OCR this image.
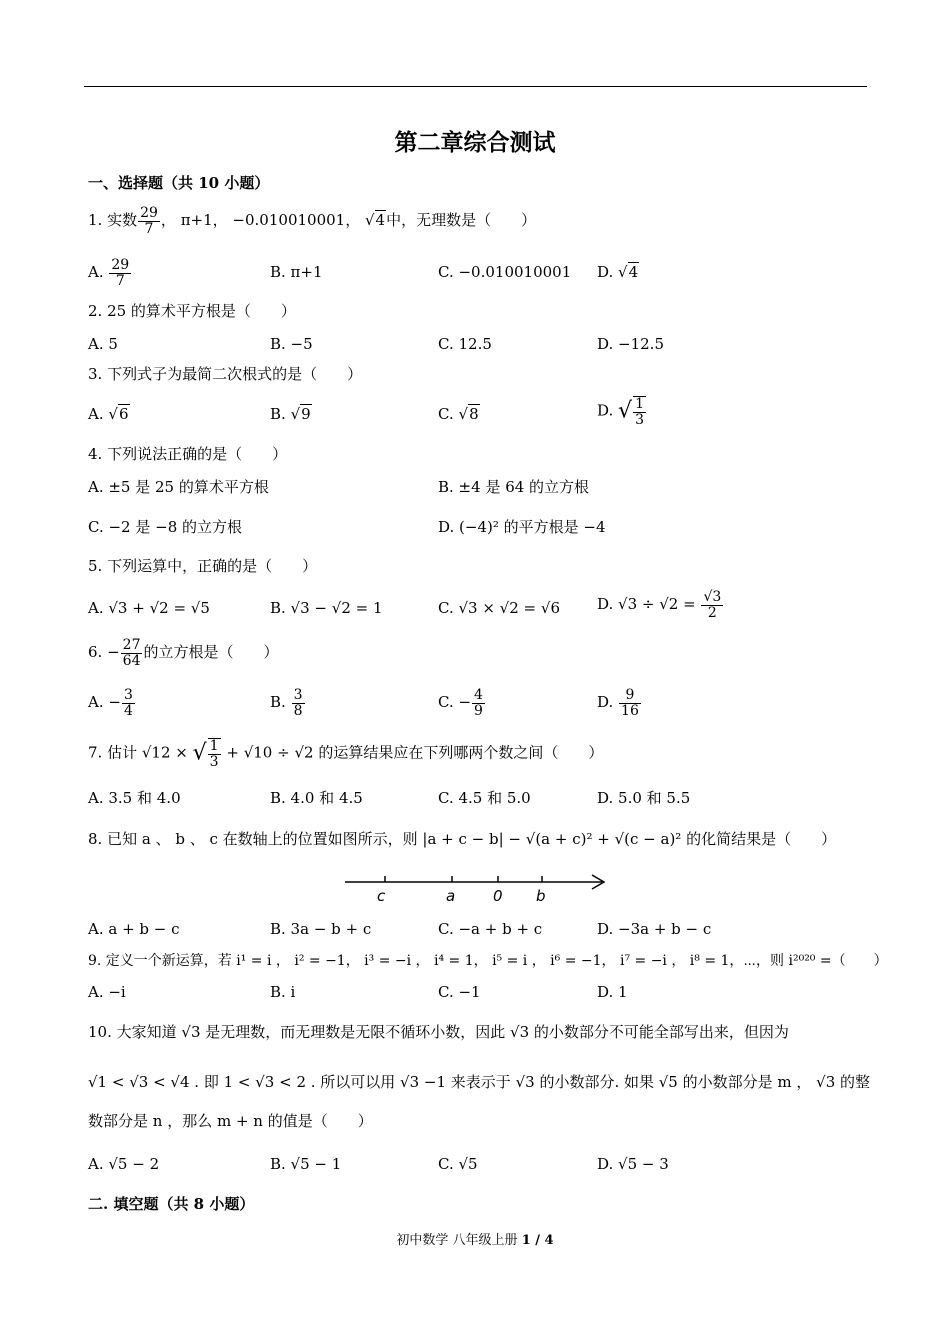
第二章综合测试
一、选择题（共 10 小题）
1. 实数 $\frac{29}{7}$ ， π+1， −0.010010001， √4中，无理数是（　　）
A. $\frac{29}{7}$	B. π+1	C. −0.010010001 D. √4
2. 25 的算术平方根是（　　）
A. 5	B. −5	C. 12.5	D. −12.5
3. 下列式子为最简二次根式的是（　　）
A. √6	B. √9	C. √8	D. √ $\frac{1}{3}$
4. 下列说法正确的是（　　）
A. ±5 是 25 的算术平方根	B. ±4 是 64 的立方根
C. −2 是 −8 的立方根	D. (−4)² 的平方根是 −4
5. 下列运算中，正确的是（　　）
A. √3 + √2 = √5	B. √3 − √2 = 1	C. √3 × √2 = √6 D. $√3 \div √2 = \frac{√3}{2}$
6. − $\frac{27}{64}$ 的立方根是（　　）
A. − $\frac{3}{4}$	B. $\frac{3}{8}$	C. − $\frac{4}{9}$	D. $\frac{9}{16}$
7. 估计 √12 × √ $\frac{1}{3} + √10 \div √2$ 的运算结果应在下列哪两个数之间（　　）
A. 3.5 和 4.0	B. 4.0 和 4.5	C. 4.5 和 5.0	D. 5.0 和 5.5
8. 已知 a 、 b 、 c 在数轴上的位置如图所示，则 |a + c − b| − √(a + c)² + √(c − a)² 的化简结果是（　　）
c	a	0 b
A. a + b − c	B. 3a − b + c	C. −a + b + c	D. −3a + b − c
9. 定义一个新运算，若 i¹ = i ， i² = −1， i³ = −i ， i⁴ = 1， i⁵ = i ， i⁶ = −1， i⁷ = −i ， i⁸ = 1，⋯，则 i²⁰²⁰ =（　　）
A. −i	B. i	C. −1	D. 1
10. 大家知道 √3 是无理数，而无理数是无限不循环小数，因此 √3 的小数部分不可能全部写出来，但因为
√1 < √3 < √4 . 即 1 < √3 < 2 . 所以可以用 √3 −1 来表示于 √3 的小数部分. 如果 √5 的小数部分是 m ， √3 的整
数部分是 n ，那么 m + n 的值是（　　）
A. √5 − 2	B. √5 − 1	C. √5	D. √5 − 3
二. 填空题（共 8 小题）
初中数学 八年级上册 1 / 4
